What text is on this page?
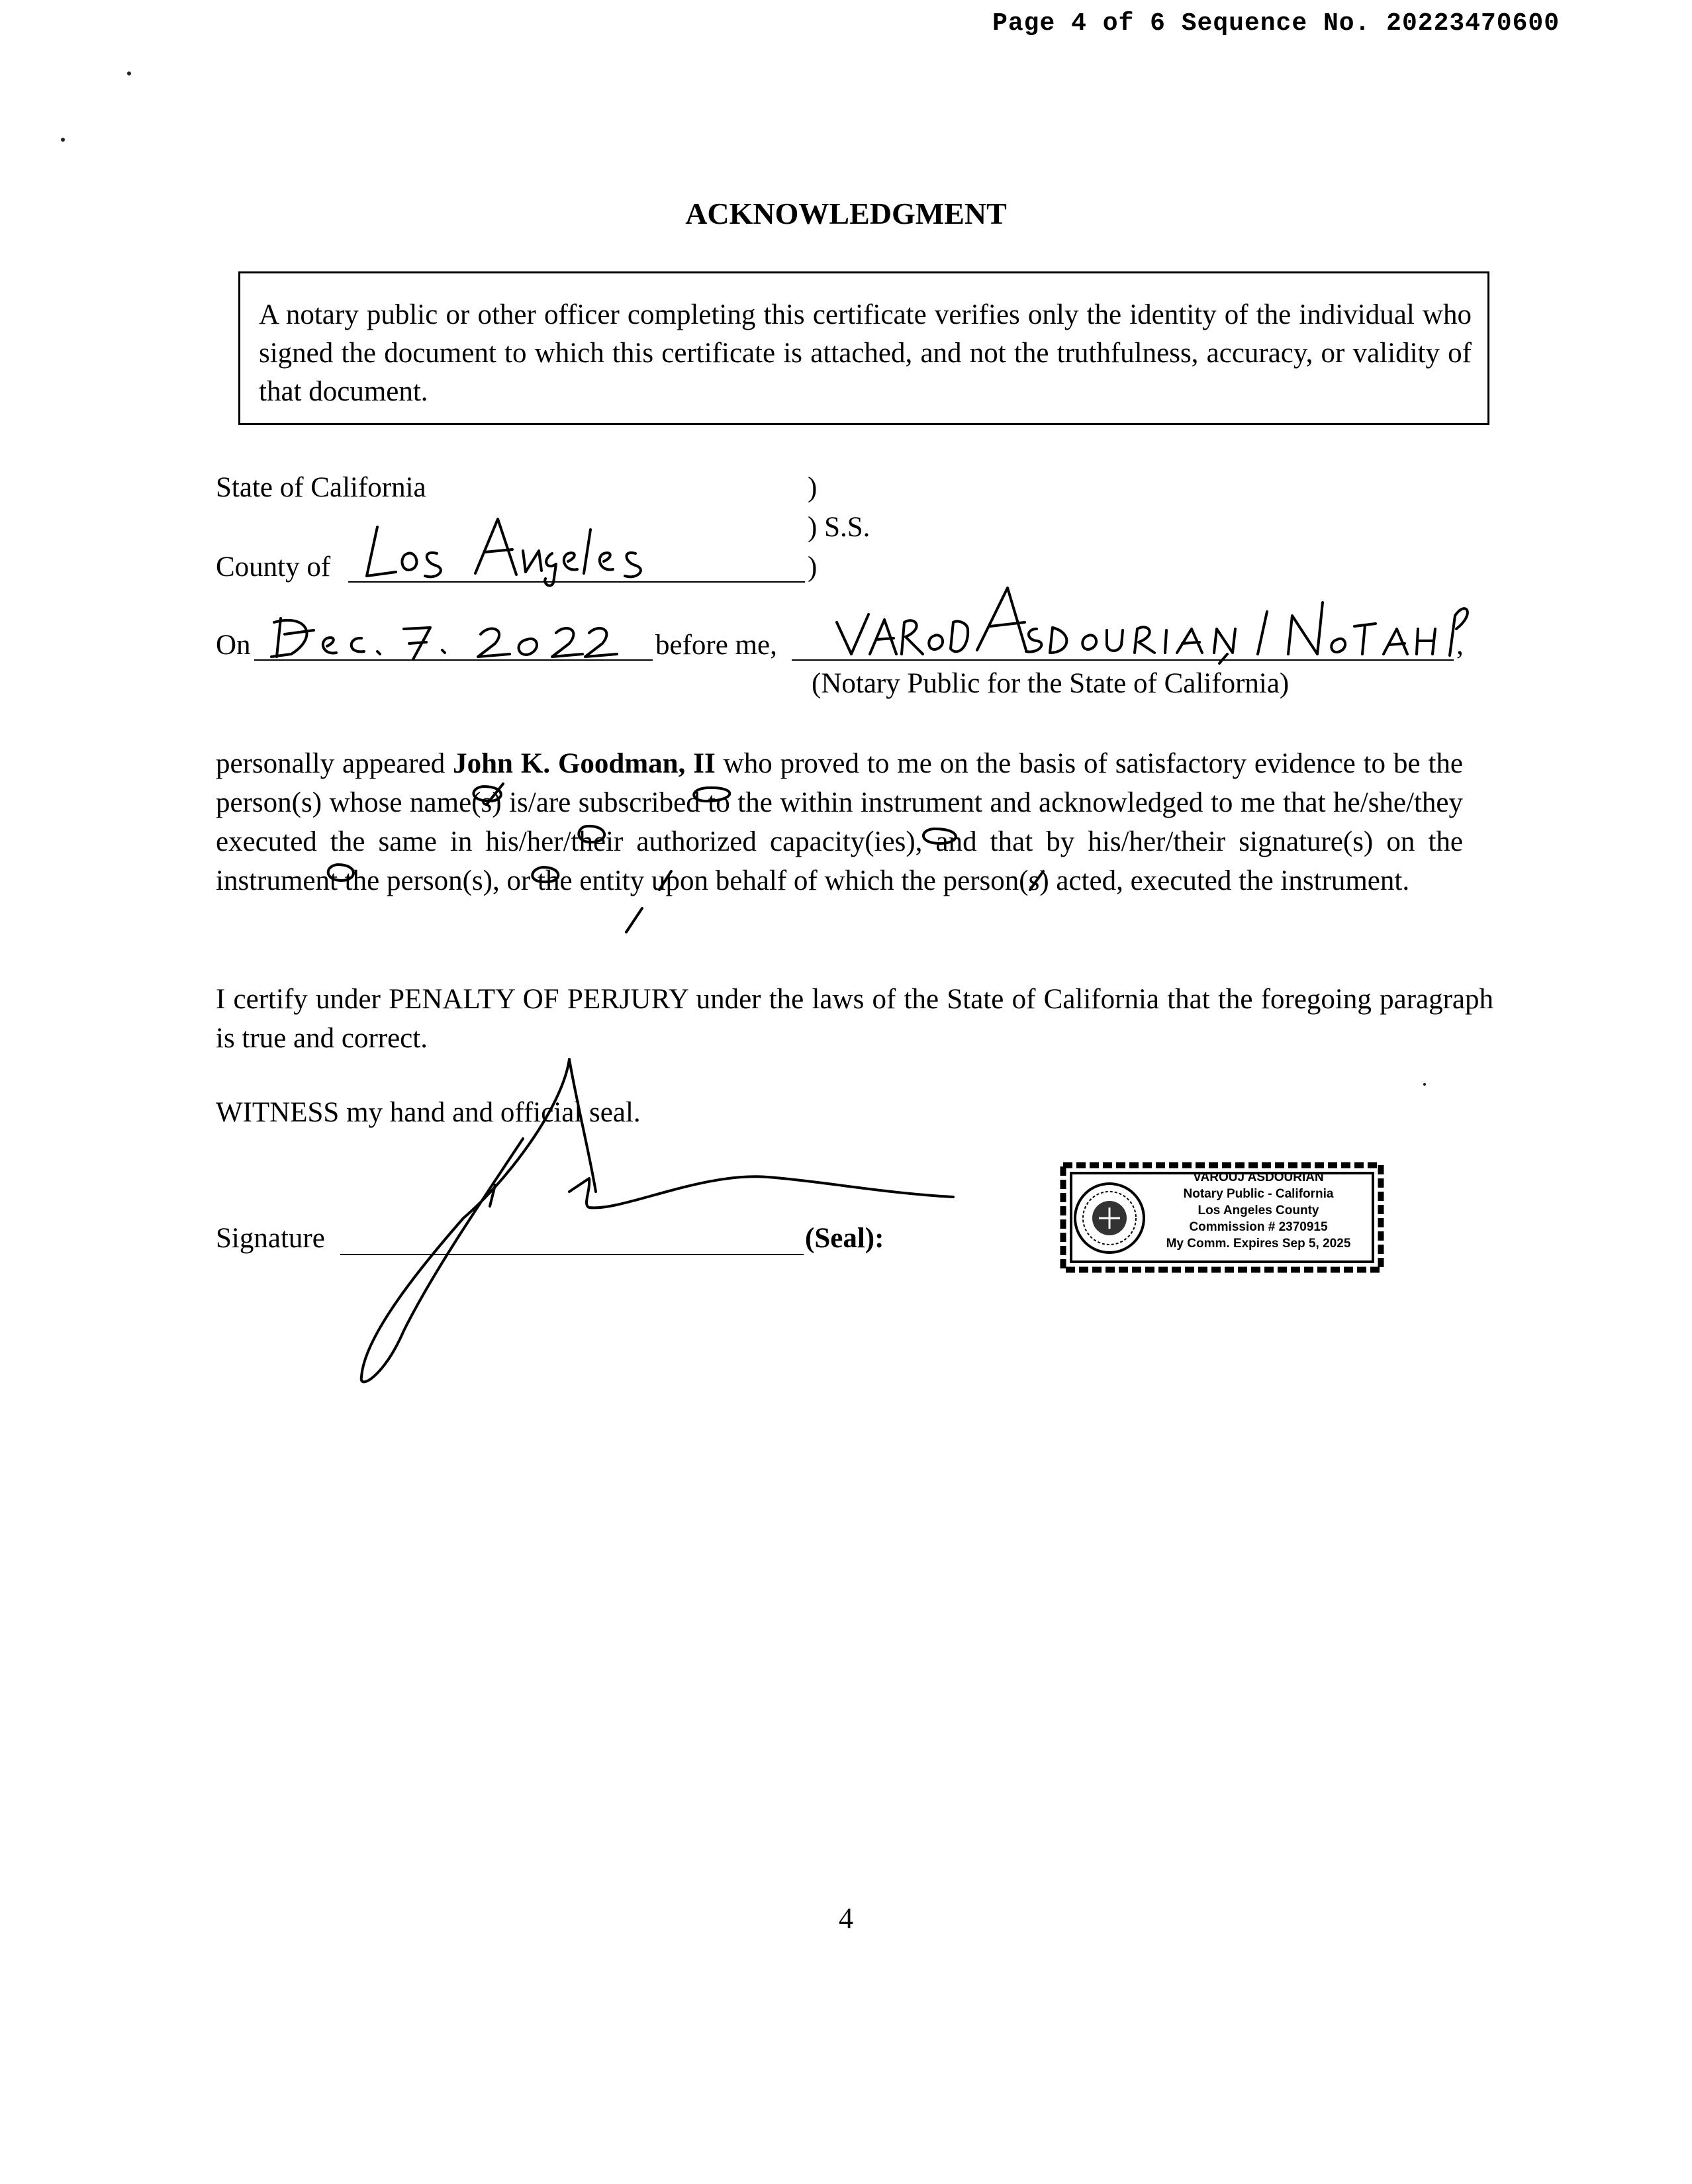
Page 4 of 6 Sequence No. 20223470600
ACKNOWLEDGMENT
A notary public or other officer completing this certificate verifies only the identity of the individual who signed the document to which this certificate is attached, and not the truthfulness, accuracy, or validity of that document.
State of California	)
) S.S.
County of	)
On	before me,	,
(Notary Public for the State of California)
personally appeared John K. Goodman, II who proved to me on the basis of satisfactory evidence to be the person(s) whose name(s) is/are subscribed to the within instrument and acknowledged to me that he/she/they executed the same in his/her/their authorized capacity(ies), and that by his/her/their signature(s) on the instrument the person(s), or the entity upon behalf of which the person(s) acted, executed the instrument.
I certify under PENALTY OF PERJURY under the laws of the State of California that the foregoing paragraph is true and correct.
WITNESS my hand and official seal.
Signature	(Seal):
VAROUJ ASDOURIAN
Notary Public - California
Los Angeles County
Commission # 2370915
My Comm. Expires Sep 5, 2025
4
